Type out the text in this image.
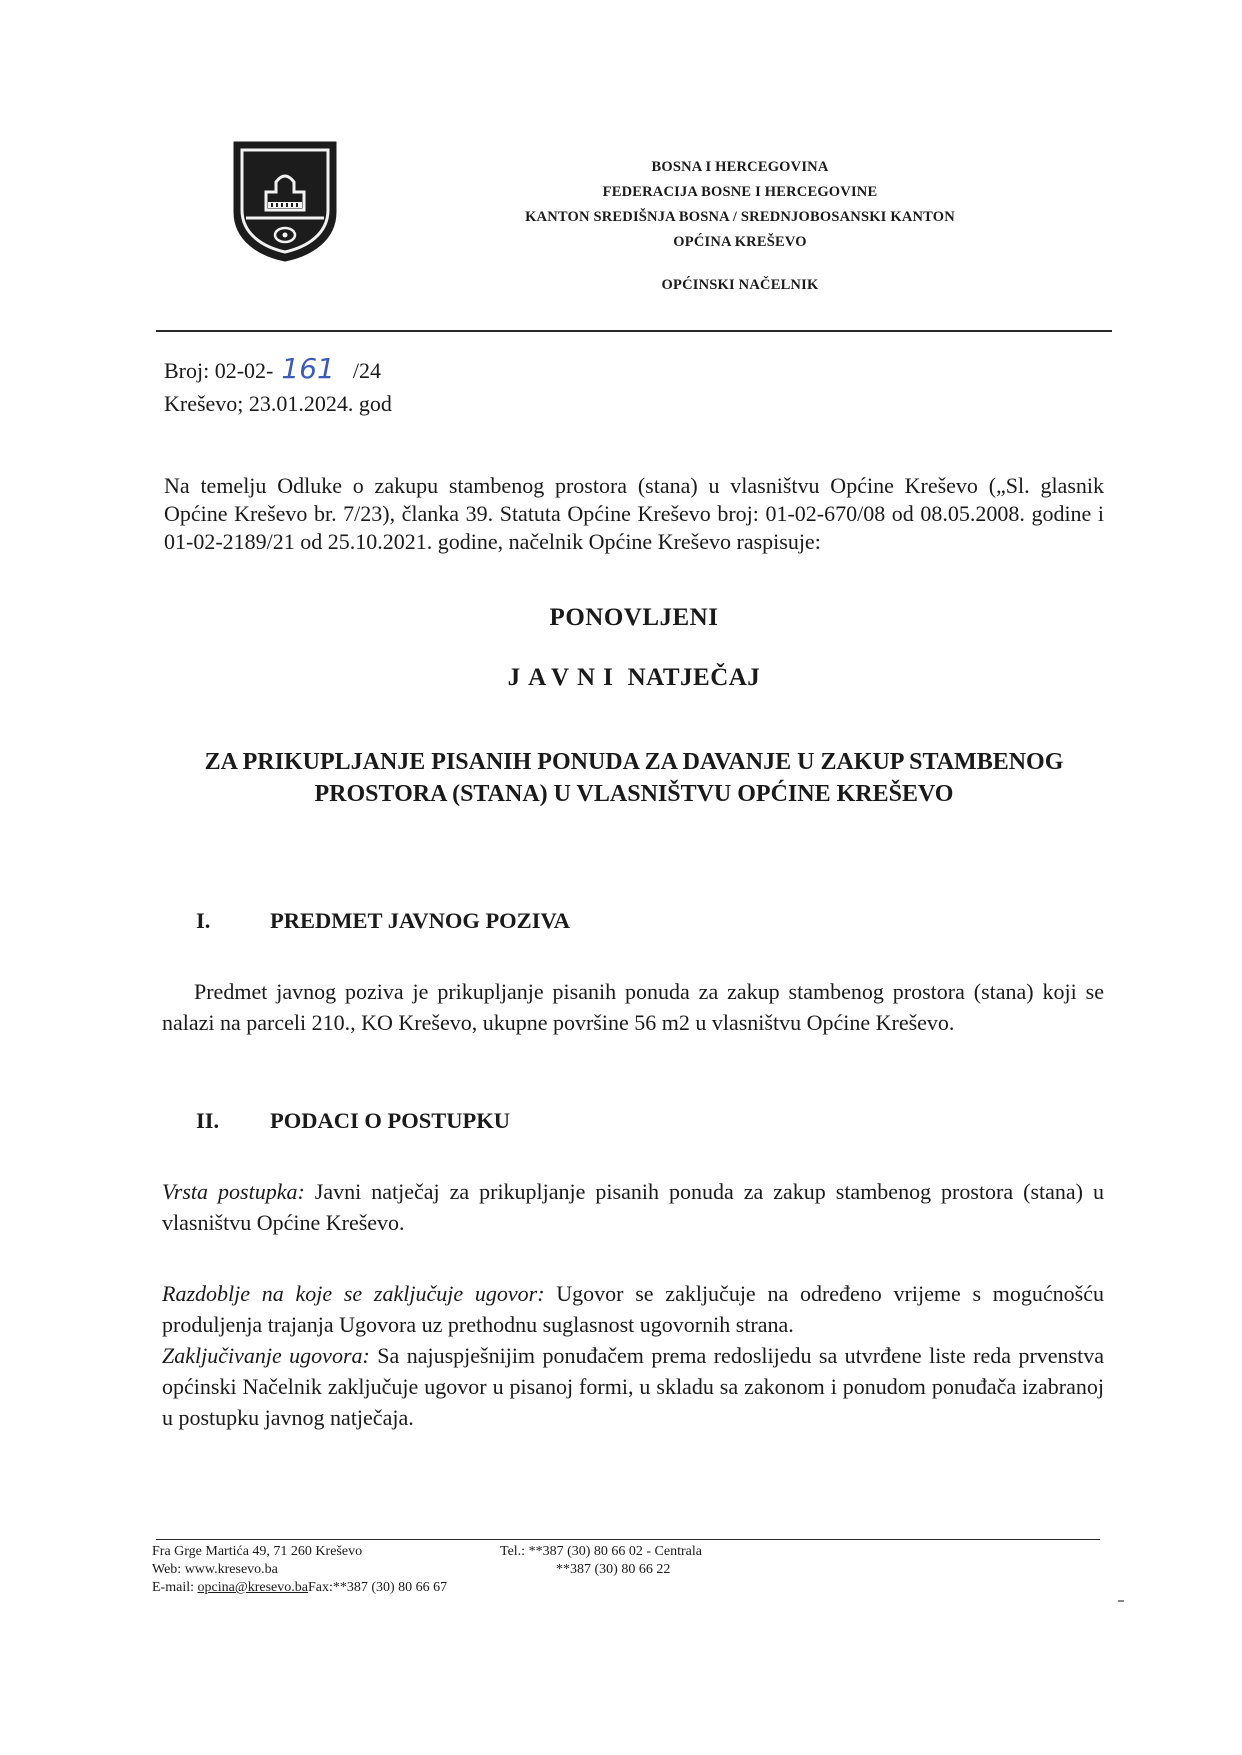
BOSNA I HERCEGOVINA
FEDERACIJA BOSNE I HERCEGOVINE
KANTON SREDIŠNJA BOSNA / SREDNJOBOSANSKI KANTON
OPĆINA KREŠEVO
OPĆINSKI NAČELNIK
Broj: 02-02- 161 /24
Kreševo; 23.01.2024. god
Na temelju Odluke o zakupu stambenog prostora (stana) u vlasništvu Općine Kreševo („Sl. glasnik Općine Kreševo br. 7/23), članka 39. Statuta Općine Kreševo broj: 01-02-670/08 od 08.05.2008. godine i 01-02-2189/21 od 25.10.2021. godine, načelnik Općine Kreševo raspisuje:
PONOVLJENI
JAVNI NATJEČAJ
ZA PRIKUPLJANJE PISANIH PONUDA ZA DAVANJE U ZAKUP STAMBENOG
PROSTORA (STANA) U VLASNIŠTVU OPĆINE KREŠEVO
I.	PREDMET JAVNOG POZIVA
Predmet javnog poziva je prikupljanje pisanih ponuda za zakup stambenog prostora (stana) koji se nalazi na parceli 210., KO Kreševo, ukupne površine 56 m2 u vlasništvu Općine Kreševo.
II. PODACI O POSTUPKU
Vrsta postupka: Javni natječaj za prikupljanje pisanih ponuda za zakup stambenog prostora (stana) u vlasništvu Općine Kreševo.
Razdoblje na koje se zaključuje ugovor: Ugovor se zaključuje na određeno vrijeme s mogućnošću produljenja trajanja Ugovora uz prethodnu suglasnost ugovornih strana.
Zaključivanje ugovora: Sa najuspješnijim ponuđačem prema redoslijedu sa utvrđene liste reda prvenstva općinski Načelnik zaključuje ugovor u pisanoj formi, u skladu sa zakonom i ponudom ponuđača izabranoj u postupku javnog natječaja.
Fra Grge Martića 49, 71 260 Kreševo
Web: www.kresevo.ba
E-mail: opcina@kresevo.baFax:**387 (30) 80 66 67
Tel.: **387 (30) 80 66 02 - Centrala
**387 (30) 80 66 22
